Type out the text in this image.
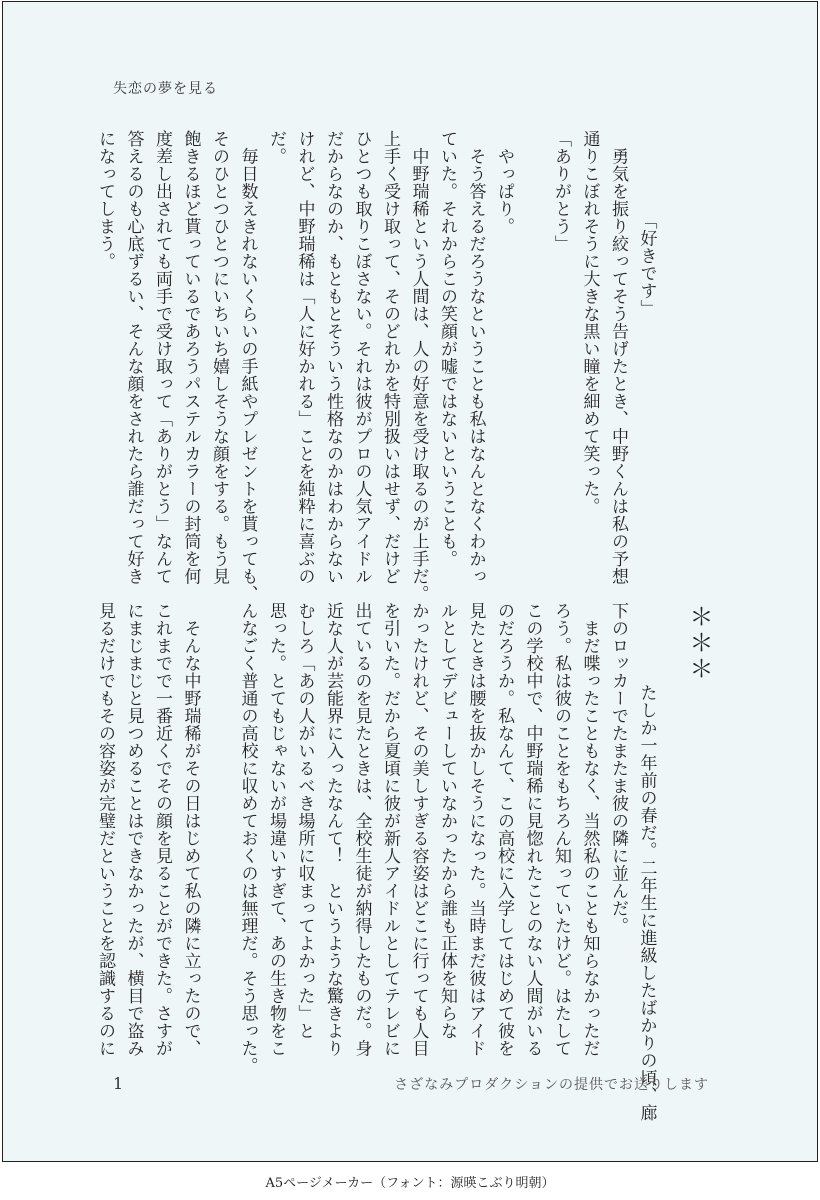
失恋の夢を見る

「好きです」
　勇気を振り絞ってそう告げたとき、中野くんは私の予想
通りこぼれそうに大きな黒い瞳を細めて笑った。
「ありがとう」

　やっぱり。
　そう答えるだろうなということも私はなんとなくわかっ
ていた。それからこの笑顔が嘘ではないということも。
　中野瑞稀という人間は、人の好意を受け取るのが上手だ。
上手く受け取って、そのどれかを特別扱いはせず、だけど
ひとつも取りこぼさない。それは彼がプロの人気アイドル
だからなのか、もともとそういう性格なのかはわからない
けれど、中野瑞稀は「人に好かれる」ことを純粋に喜ぶの
だ。
　毎日数えきれないくらいの手紙やプレゼントを貰っても、
そのひとつひとつにいちいち嬉しそうな顔をする。もう見
飽きるほど貰っているであろうパステルカラーの封筒を何
度差し出されても両手で受け取って「ありがとう」なんて
答えるのも心底ずるい、そんな顔をされたら誰だって好き
になってしまう。

＊＊＊

たしか一年前の春だ。二年生に進級したばかりの頃、廊
下のロッカーでたまたま彼の隣に並んだ。
　まだ喋ったこともなく、当然私のことも知らなかっただ
ろう。私は彼のことをもちろん知っていたけど。はたして
この学校中で、中野瑞稀に見惚れたことのない人間がいる
のだろうか。私なんて、この高校に入学してはじめて彼を
見たときは腰を抜かしそうになった。当時まだ彼はアイド
ルとしてデビューしていなかったから誰も正体を知らな
かったけれど、その美しすぎる容姿はどこに行っても人目
を引いた。だから夏頃に彼が新人アイドルとしてテレビに
出ているのを見たときは、全校生徒が納得したものだ。身
近な人が芸能界に入ったなんて！　というような驚きより
むしろ「あの人がいるべき場所に収まってよかった」と
思った。とてもじゃないが場違いすぎて、あの生き物をこ
んなごく普通の高校に収めておくのは無理だ。そう思った。

　そんな中野瑞稀がその日はじめて私の隣に立ったので、
これまでで一番近くでその顔を見ることができた。さすが
にまじまじと見つめることはできなかったが、横目で盗み
見るだけでもその容姿が完璧だということを認識するのに

1	さざなみプロダクションの提供でお送りします
A5ページメーカー（フォント：源暎こぶり明朝）
